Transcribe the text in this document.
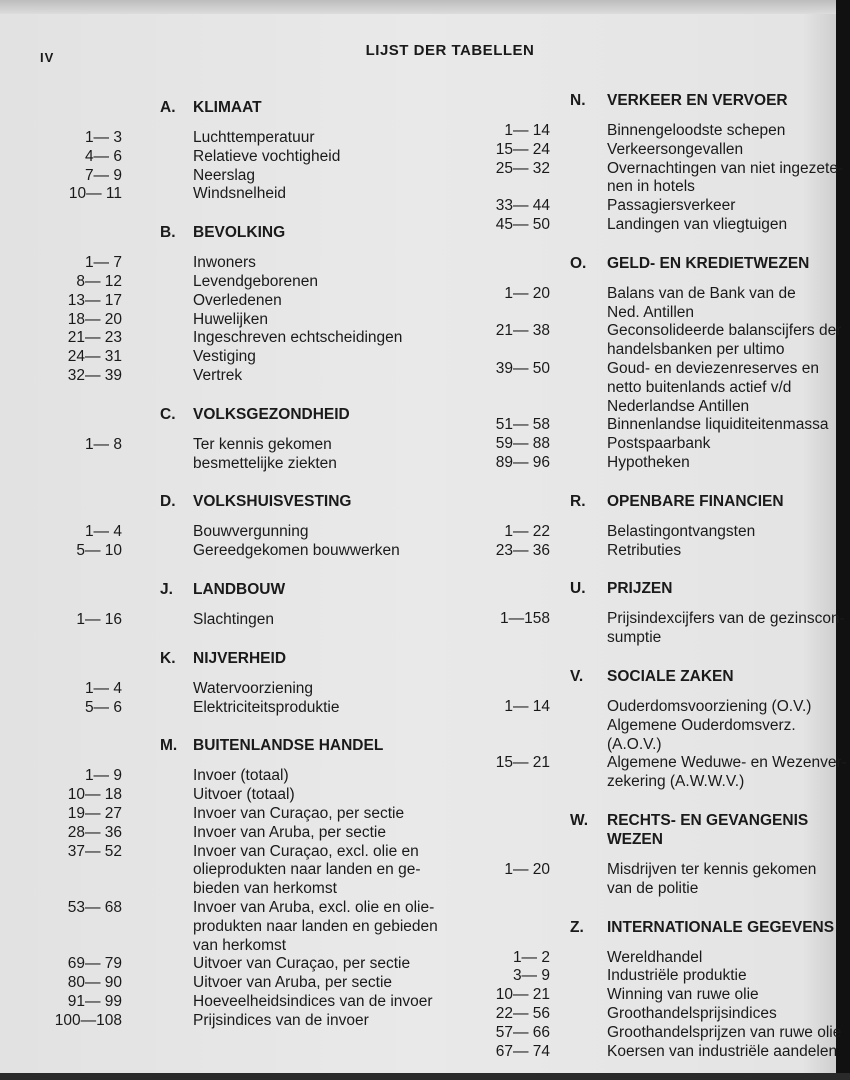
IV	LIJST DER TABELLEN
A.	KLIMAAT
1— 3	Luchttemperatuur
4— 6	Relatieve vochtigheid
7— 9	Neerslag
10— 11	Windsnelheid
B.	BEVOLKING
1— 7	Inwoners
8— 12	Levendgeborenen
13— 17	Overledenen
18— 20	Huwelijken
21— 23	Ingeschreven echtscheidingen
24— 31	Vestiging
32— 39	Vertrek
C.	VOLKSGEZONDHEID
1— 8	Ter kennis gekomen
besmettelijke ziekten
D.	VOLKSHUISVESTING
1— 4	Bouwvergunning
5— 10	Gereedgekomen bouwwerken
J.	LANDBOUW
1— 16	Slachtingen
K.	NIJVERHEID
1— 4	Watervoorziening
5— 6	Elektriciteitsproduktie
M.	BUITENLANDSE HANDEL
1— 9	Invoer (totaal)
10— 18	Uitvoer (totaal)
19— 27	Invoer van Curaçao, per sectie
28— 36	Invoer van Aruba, per sectie
37— 52	Invoer van Curaçao, excl. olie en
olieprodukten naar landen en ge-
bieden van herkomst
53— 68	Invoer van Aruba, excl. olie en olie-
produkten naar landen en gebieden
van herkomst
69— 79	Uitvoer van Curaçao, per sectie
80— 90	Uitvoer van Aruba, per sectie
91— 99	Hoeveelheidsindices van de invoer
100—108	Prijsindices van de invoer
N.	VERKEER EN VERVOER
1— 14	Binnengeloodste schepen
15— 24	Verkeersongevallen
25— 32	Overnachtingen van niet ingezete-
nen in hotels
33— 44	Passagiersverkeer
45— 50	Landingen van vliegtuigen
O.	GELD- EN KREDIETWEZEN
1— 20	Balans van de Bank van de
Ned. Antillen
21— 38	Geconsolideerde balanscijfers der
handelsbanken per ultimo
39— 50	Goud- en deviezenreserves en
netto buitenlands actief v/d
Nederlandse Antillen
51— 58	Binnenlandse liquiditeitenmassa
59— 88	Postspaarbank
89— 96	Hypotheken
R.	OPENBARE FINANCIEN
1— 22	Belastingontvangsten
23— 36	Retributies
U.	PRIJZEN
1—158	Prijsindexcijfers van de gezinscon-
sumptie
V.	SOCIALE ZAKEN
1— 14	Ouderdomsvoorziening (O.V.)
Algemene Ouderdomsverz.
(A.O.V.)
15— 21	Algemene Weduwe- en Wezenver-
zekering (A.W.W.V.)
W.	RECHTS- EN GEVANGENIS WEZEN
1— 20	Misdrijven ter kennis gekomen
van de politie
Z.	INTERNATIONALE GEGEVENS
1— 2	Wereldhandel
3— 9	Industriële produktie
10— 21	Winning van ruwe olie
22— 56	Groothandelsprijsindices
57— 66	Groothandelsprijzen van ruwe olie
67— 74	Koersen van industriële aandelen
